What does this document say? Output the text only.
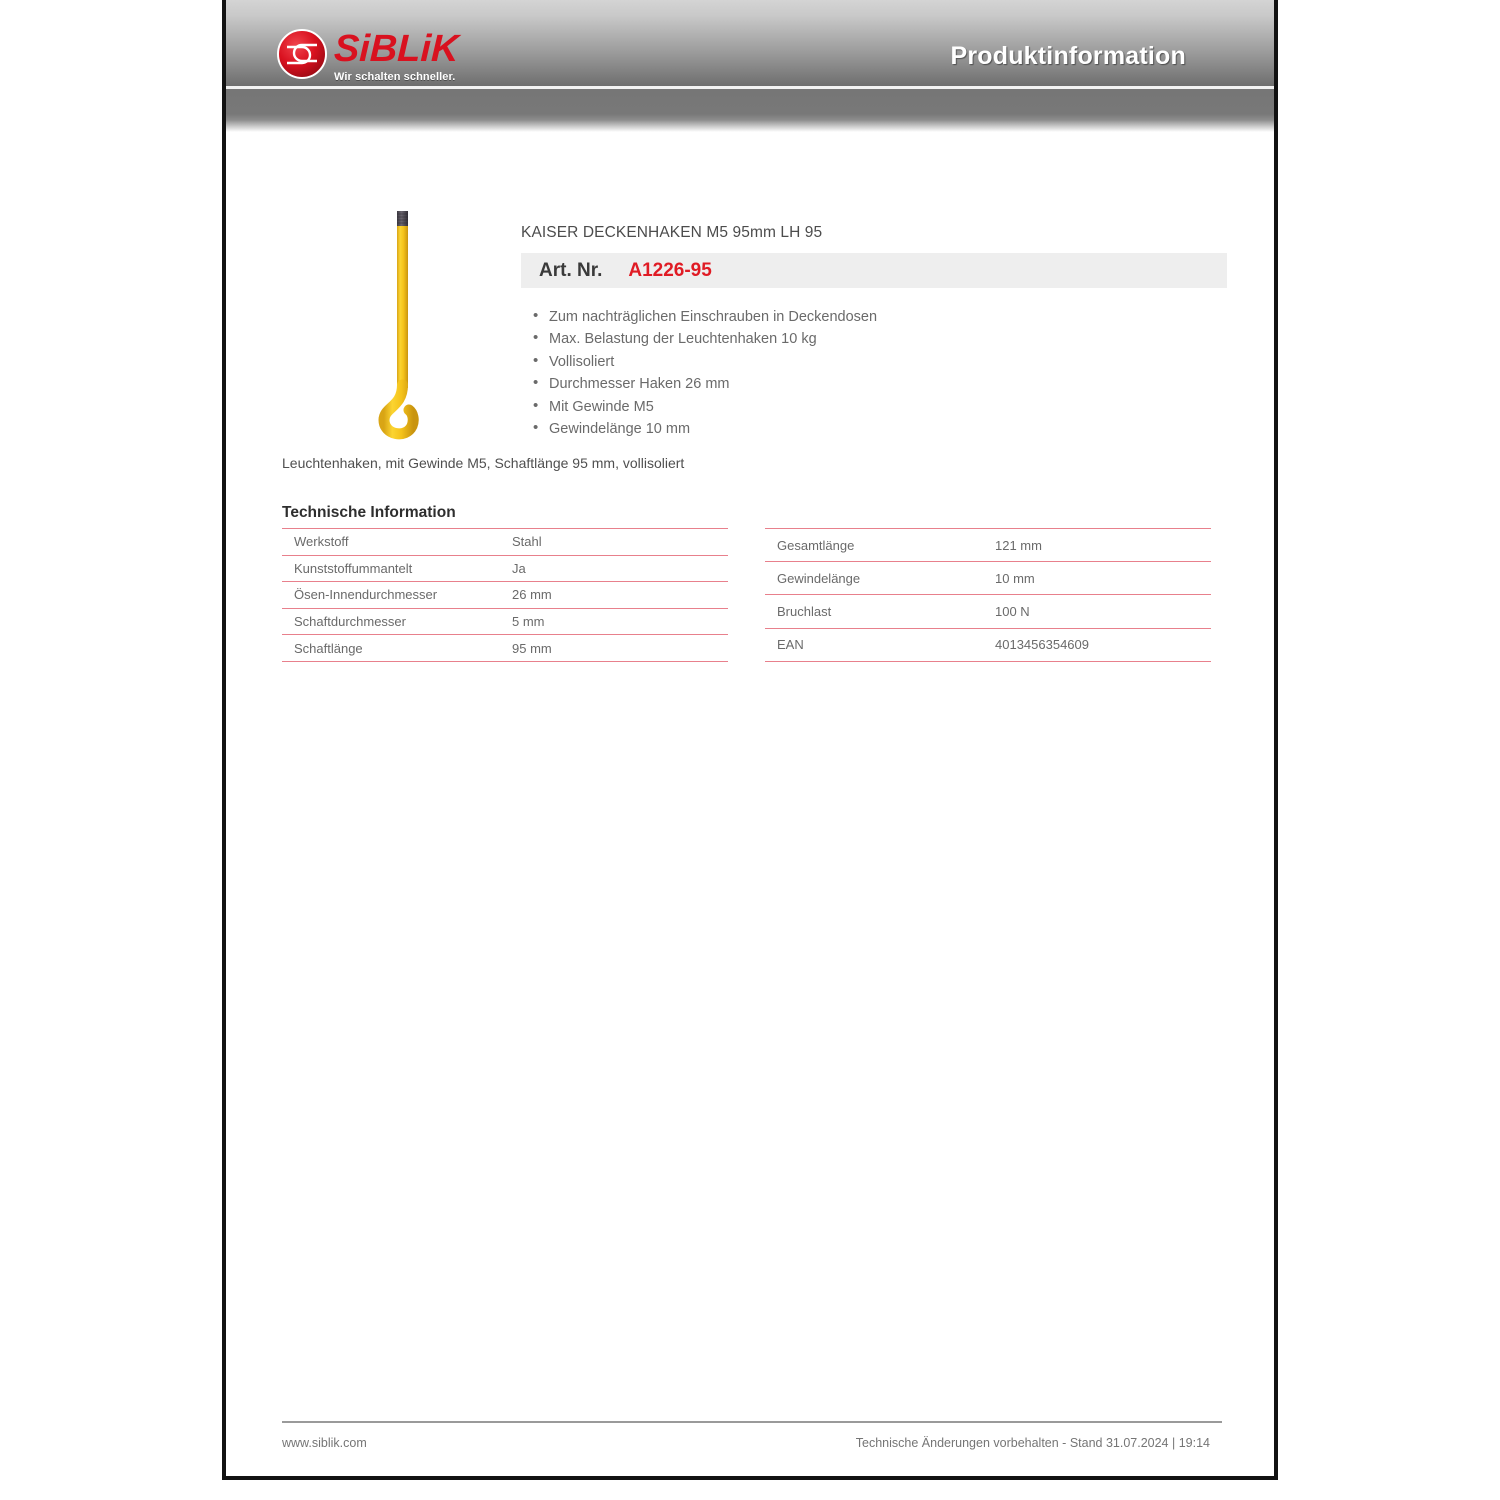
SiBLiK
Wir schalten schneller.
Produktinformation
KAISER DECKENHAKEN M5 95mm LH 95
Art. Nr. A1226-95
• Zum nachträglichen Einschrauben in Deckendosen
• Max. Belastung der Leuchtenhaken 10 kg
• Vollisoliert
• Durchmesser Haken 26 mm
• Mit Gewinde M5
• Gewindelänge 10 mm
Leuchtenhaken, mit Gewinde M5, Schaftlänge 95 mm, vollisoliert
Technische Information
Werkstoff	Stahl
Kunststoffummantelt	Ja
Ösen-Innendurchmesser	26 mm
Schaftdurchmesser	5 mm
Schaftlänge	95 mm
Gesamtlänge	121 mm
Gewindelänge	10 mm
Bruchlast	100 N
EAN	4013456354609
www.siblik.com	Technische Änderungen vorbehalten - Stand 31.07.2024 | 19:14
